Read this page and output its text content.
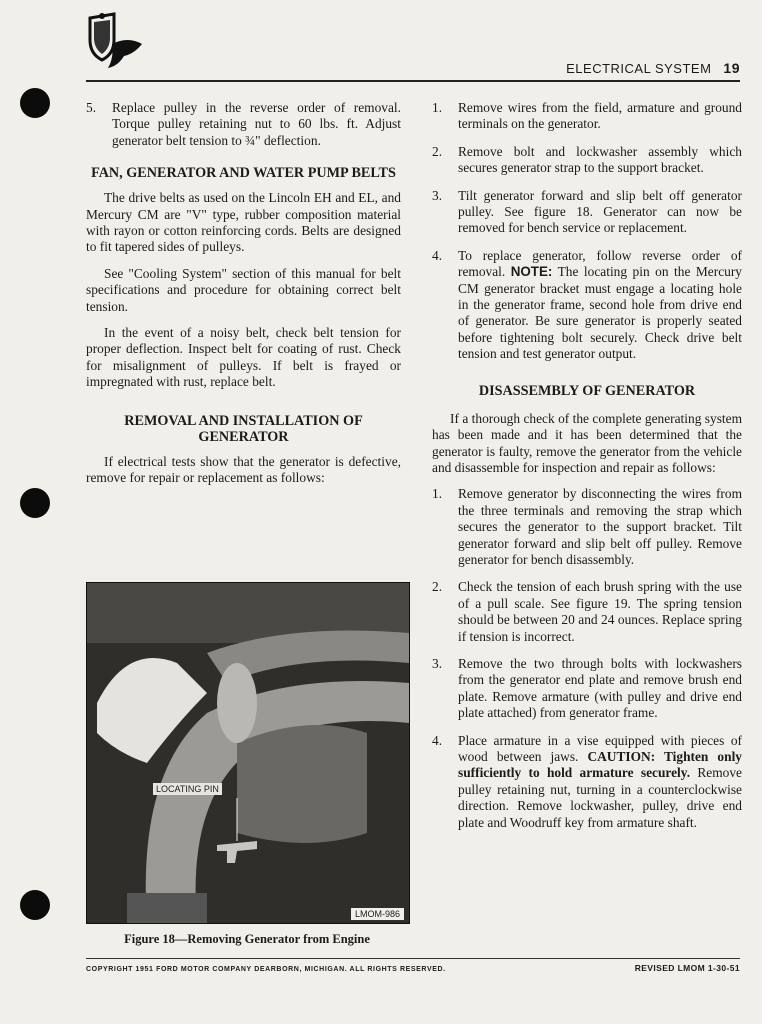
ELECTRICAL SYSTEM 19
5.	Replace pulley in the reverse order of removal. Torque pulley retaining nut to 60 lbs. ft. Adjust generator belt tension to ¾" deflection.
FAN, GENERATOR AND WATER PUMP BELTS
The drive belts as used on the Lincoln EH and EL, and Mercury CM are "V" type, rubber composition material with rayon or cotton reinforcing cords. Belts are designed to fit tapered sides of pulleys.
See "Cooling System" section of this manual for belt specifications and procedure for obtaining correct belt tension.
In the event of a noisy belt, check belt tension for proper deflection. Inspect belt for coating of rust. Check for misalignment of pulleys. If belt is frayed or impregnated with rust, replace belt.
REMOVAL AND INSTALLATION OF GENERATOR
If electrical tests show that the generator is defective, remove for repair or replacement as follows:
LOCATING PIN
LMOM-986
Figure 18—Removing Generator from Engine
1.	Remove wires from the field, armature and ground terminals on the generator.
2.	Remove bolt and lockwasher assembly which secures generator strap to the support bracket.
3.	Tilt generator forward and slip belt off generator pulley. See figure 18. Generator can now be removed for bench service or replacement.
4.	To replace generator, follow reverse order of removal. NOTE: The locating pin on the Mercury CM generator bracket must engage a locating hole in the generator frame, second hole from drive end of generator. Be sure generator is properly seated before tightening bolt securely. Check drive belt tension and test generator output.
DISASSEMBLY OF GENERATOR
If a thorough check of the complete generating system has been made and it has been determined that the generator is faulty, remove the generator from the vehicle and disassemble for inspection and repair as follows:
1.	Remove generator by disconnecting the wires from the three terminals and removing the strap which secures the generator to the support bracket. Tilt generator forward and slip belt off pulley. Remove generator for bench disassembly.
2.	Check the tension of each brush spring with the use of a pull scale. See figure 19. The spring tension should be between 20 and 24 ounces. Replace spring if tension is incorrect.
3.	Remove the two through bolts with lockwashers from the generator end plate and remove brush end plate. Remove armature (with pulley and drive end plate attached) from generator frame.
4.	Place armature in a vise equipped with pieces of wood between jaws. CAUTION: Tighten only sufficiently to hold armature securely. Remove pulley retaining nut, turning in a counterclockwise direction. Remove lockwasher, pulley, drive end plate and Woodruff key from armature shaft.
COPYRIGHT 1951 FORD MOTOR COMPANY DEARBORN, MICHIGAN. ALL RIGHTS RESERVED.	REVISED LMOM 1-30-51
